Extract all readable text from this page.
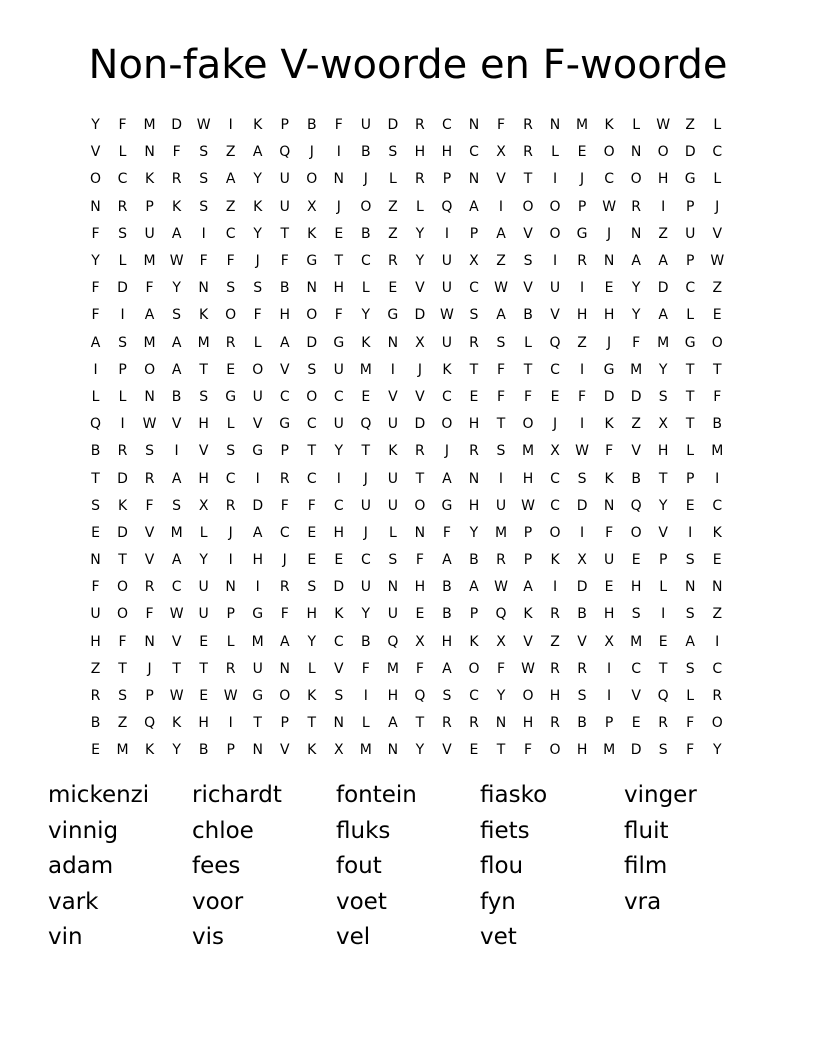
Non-fake V-woorde en F-woorde
Y	F	M	D	W	I	K	P	B	F	U	D	R	C	N	F	R	N	M	K	L	W	Z	L
V	L	N	F	S	Z	A	Q	J	I	B	S	H	H	C	X	R	L	E	O	N	O	D	C
O	C	K	R	S	A	Y	U	O	N	J	L	R	P	N	V	T	I	J	C	O	H	G	L
N	R	P	K	S	Z	K	U	X	J	O	Z	L	Q	A	I	O	O	P	W	R	I	P	J
F	S	U	A	I	C	Y	T	K	E	B	Z	Y	I	P	A	V	O	G	J	N	Z	U	V
Y	L	M	W	F	F	J	F	G	T	C	R	Y	U	X	Z	S	I	R	N	A	A	P	W
F	D	F	Y	N	S	S	B	N	H	L	E	V	U	C	W	V	U	I	E	Y	D	C	Z
F	I	A	S	K	O	F	H	O	F	Y	G	D	W	S	A	B	V	H	H	Y	A	L	E
A	S	M	A	M	R	L	A	D	G	K	N	X	U	R	S	L	Q	Z	J	F	M	G	O
I	P	O	A	T	E	O	V	S	U	M	I	J	K	T	F	T	C	I	G	M	Y	T	T
L	L	N	B	S	G	U	C	O	C	E	V	V	C	E	F	F	E	F	D	D	S	T	F
Q	I	W	V	H	L	V	G	C	U	Q	U	D	O	H	T	O	J	I	K	Z	X	T	B
B	R	S	I	V	S	G	P	T	Y	T	K	R	J	R	S	M	X	W	F	V	H	L	M
T	D	R	A	H	C	I	R	C	I	J	U	T	A	N	I	H	C	S	K	B	T	P	I
S	K	F	S	X	R	D	F	F	C	U	U	O	G	H	U	W	C	D	N	Q	Y	E	C
E	D	V	M	L	J	A	C	E	H	J	L	N	F	Y	M	P	O	I	F	O	V	I	K
N	T	V	A	Y	I	H	J	E	E	C	S	F	A	B	R	P	K	X	U	E	P	S	E
F	O	R	C	U	N	I	R	S	D	U	N	H	B	A	W	A	I	D	E	H	L	N	N
U	O	F	W	U	P	G	F	H	K	Y	U	E	B	P	Q	K	R	B	H	S	I	S	Z
H	F	N	V	E	L	M	A	Y	C	B	Q	X	H	K	X	V	Z	V	X	M	E	A	I
Z	T	J	T	T	R	U	N	L	V	F	M	F	A	O	F	W	R	R	I	C	T	S	C
R	S	P	W	E	W	G	O	K	S	I	H	Q	S	C	Y	O	H	S	I	V	Q	L	R
B	Z	Q	K	H	I	T	P	T	N	L	A	T	R	R	N	H	R	B	P	E	R	F	O
E	M	K	Y	B	P	N	V	K	X	M	N	Y	V	E	T	F	O	H	M	D	S	F	Y
mickenzi	richardt	fontein	fiasko	vinger
vinnig	chloe	fluks	fiets	fluit
adam	fees	fout	flou	film
vark	voor	voet	fyn	vra
vin	vis	vel	vet
